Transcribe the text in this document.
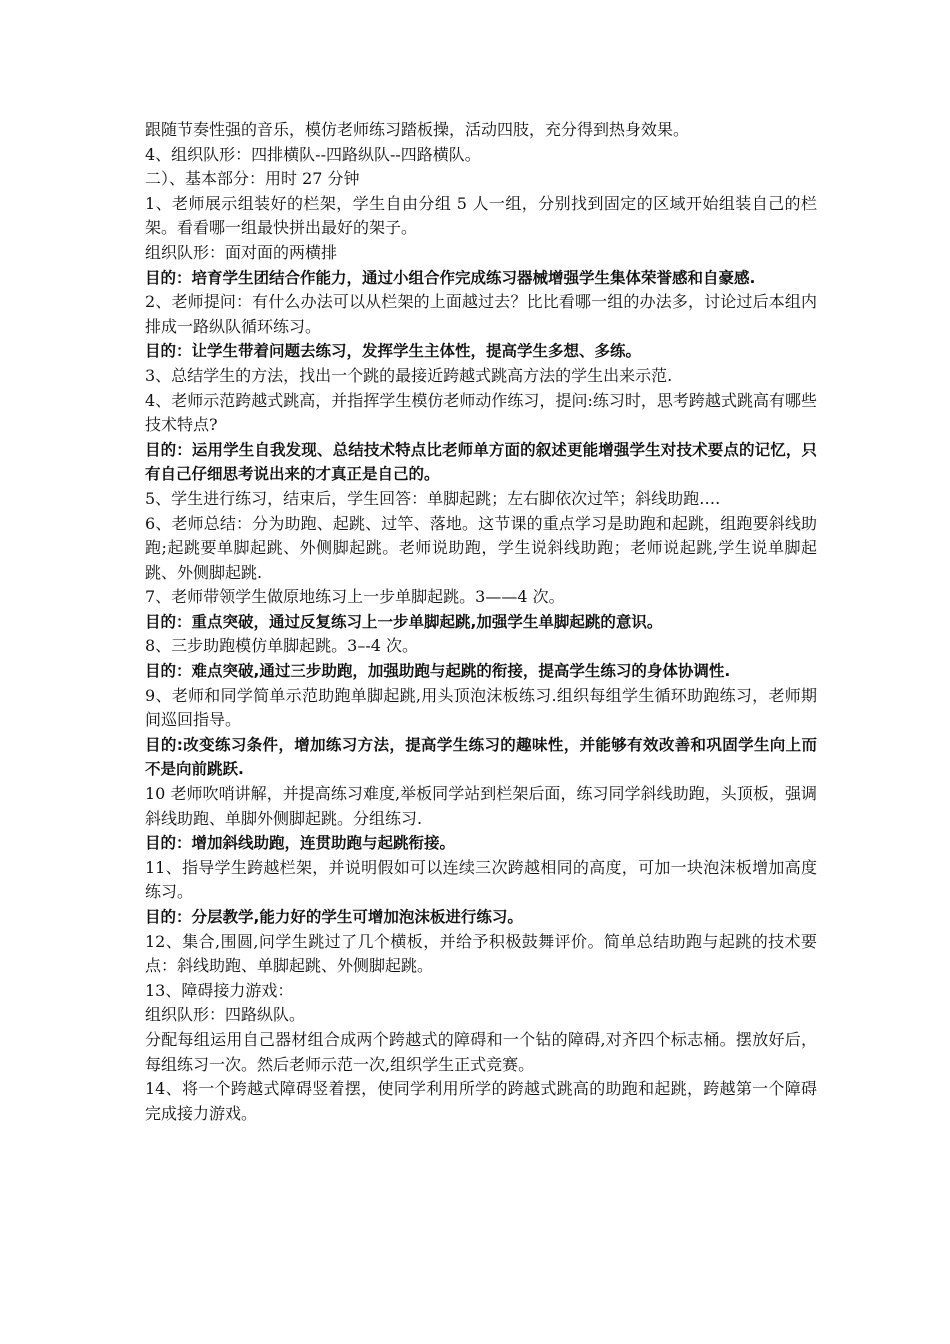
跟随节奏性强的音乐，模仿老师练习踏板操，活动四肢，充分得到热身效果。

4、组织队形：四排横队--四路纵队--四路横队。

二）、基本部分：用时 27 分钟

1、老师展示组装好的栏架，学生自由分组 5 人一组，分别找到固定的区域开始组装自己的栏架。看看哪一组最快拼出最好的架子。

组织队形：面对面的两横排

目的：培育学生团结合作能力，通过小组合作完成练习器械增强学生集体荣誉感和自豪感.

2、老师提问：有什么办法可以从栏架的上面越过去？比比看哪一组的办法多，讨论过后本组内排成一路纵队循环练习。

目的：让学生带着问题去练习，发挥学生主体性，提高学生多想、多练。

3、总结学生的方法，找出一个跳的最接近跨越式跳高方法的学生出来示范.

4、老师示范跨越式跳高，并指挥学生模仿老师动作练习，提问:练习时，思考跨越式跳高有哪些技术特点?

目的：运用学生自我发现、总结技术特点比老师单方面的叙述更能增强学生对技术要点的记忆，只有自己仔细思考说出来的才真正是自己的。

5、学生进行练习，结束后，学生回答：单脚起跳；左右脚依次过竿；斜线助跑….

6、老师总结：分为助跑、起跳、过竿、落地。这节课的重点学习是助跑和起跳，组跑要斜线助跑;起跳要单脚起跳、外侧脚起跳。老师说助跑，学生说斜线助跑；老师说起跳,学生说单脚起跳、外侧脚起跳.

7、老师带领学生做原地练习上一步单脚起跳。3——4 次。

目的：重点突破，通过反复练习上一步单脚起跳,加强学生单脚起跳的意识。

8、三步助跑模仿单脚起跳。3–-4 次。

目的：难点突破,通过三步助跑，加强助跑与起跳的衔接，提高学生练习的身体协调性.

9、老师和同学简单示范助跑单脚起跳,用头顶泡沫板练习.组织每组学生循环助跑练习，老师期间巡回指导。

目的:改变练习条件，增加练习方法，提高学生练习的趣味性，并能够有效改善和巩固学生向上而不是向前跳跃.

10 老师吹哨讲解，并提高练习难度,举板同学站到栏架后面，练习同学斜线助跑，头顶板，强调斜线助跑、单脚外侧脚起跳。分组练习.

目的：增加斜线助跑，连贯助跑与起跳衔接。

11、指导学生跨越栏架，并说明假如可以连续三次跨越相同的高度，可加一块泡沫板增加高度练习。

目的：分层教学,能力好的学生可增加泡沫板进行练习。

12、集合,围圆,问学生跳过了几个横板，并给予积极鼓舞评价。简单总结助跑与起跳的技术要点：斜线助跑、单脚起跳、外侧脚起跳。

13、障碍接力游戏：

组织队形：四路纵队。

分配每组运用自己器材组合成两个跨越式的障碍和一个钻的障碍,对齐四个标志桶。摆放好后，每组练习一次。然后老师示范一次,组织学生正式竞赛。

14、将一个跨越式障碍竖着摆，使同学利用所学的跨越式跳高的助跑和起跳，跨越第一个障碍完成接力游戏。
